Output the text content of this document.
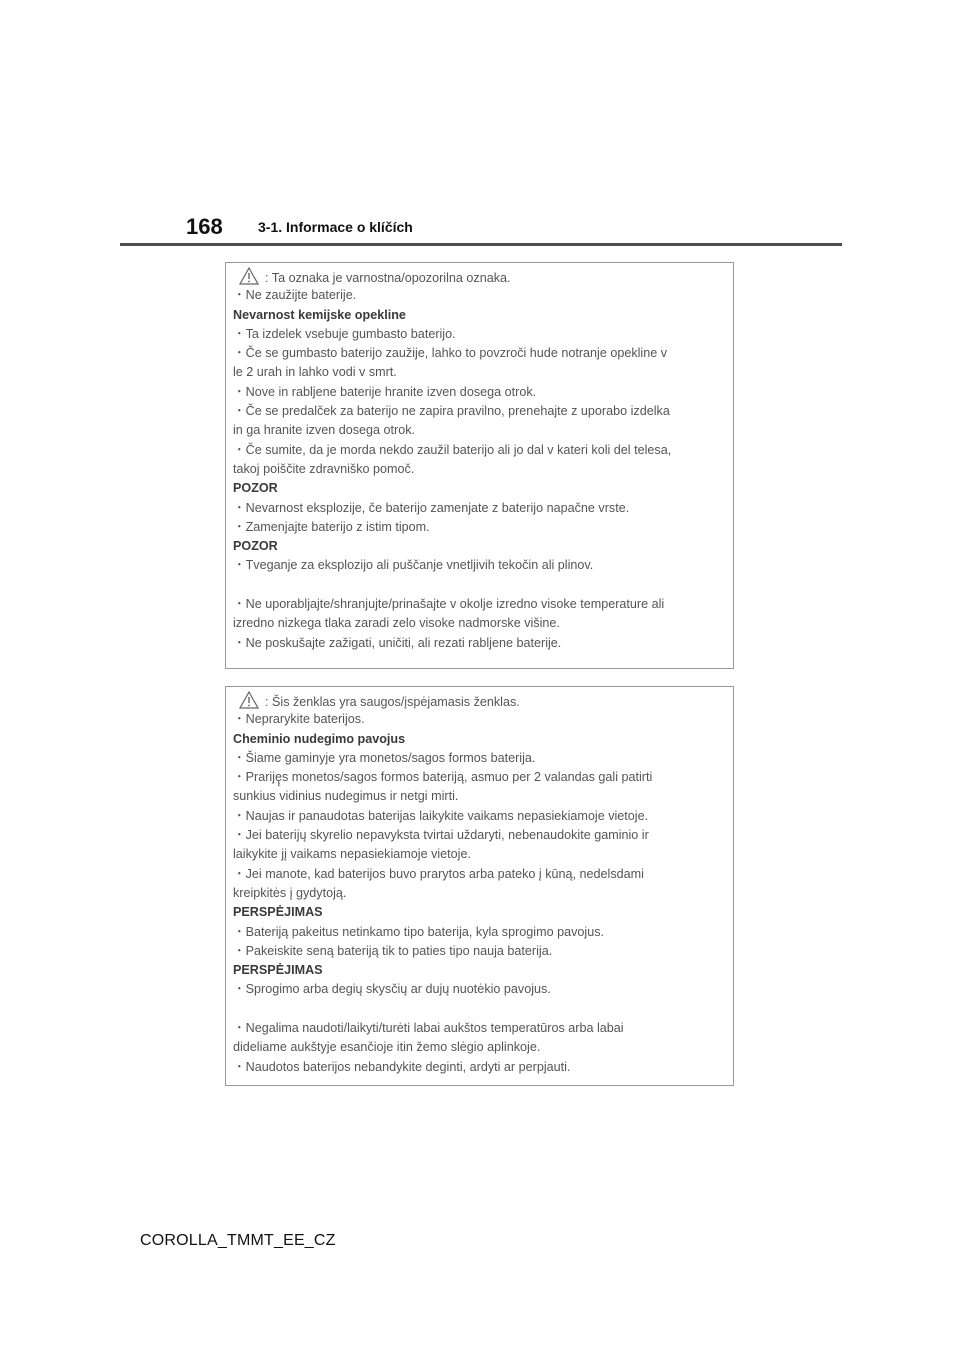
168	3-1. Informace o klíčích
: Ta oznaka je varnostna/opozorilna oznaka.
・Ne zaužijte baterije.
Nevarnost kemijske opekline
・Ta izdelek vsebuje gumbasto baterijo.
・Če se gumbasto baterijo zaužije, lahko to povzroči hude notranje opekline v
le 2 urah in lahko vodi v smrt.
・Nove in rabljene baterije hranite izven dosega otrok.
・Če se predalček za baterijo ne zapira pravilno, prenehajte z uporabo izdelka
in ga hranite izven dosega otrok.
・Če sumite, da je morda nekdo zaužil baterijo ali jo dal v kateri koli del telesa,
takoj poiščite zdravniško pomoč.
POZOR
・Nevarnost eksplozije, če baterijo zamenjate z baterijo napačne vrste.
・Zamenjajte baterijo z istim tipom.
POZOR
・Tveganje za eksplozijo ali puščanje vnetljivih tekočin ali plinov.
・Ne uporabljajte/shranjujte/prinašajte v okolje izredno visoke temperature ali
izredno nizkega tlaka zaradi zelo visoke nadmorske višine.
・Ne poskušajte zažigati, uničiti, ali rezati rabljene baterije.
: Šis ženklas yra saugos/įspėjamasis ženklas.
・Neprarykite baterijos.
Cheminio nudegimo pavojus
・Šiame gaminyje yra monetos/sagos formos baterija.
・Prariję̨s monetos/sagos formos bateriją, asmuo per 2 valandas gali patirti
sunkius vidinius nudegimus ir netgi mirti.
・Naujas ir panaudotas baterijas laikykite vaikams nepasiekiamoje vietoje.
・Jei baterijų skyrelio nepavyksta tvirtai uždaryti, nebenaudokite gaminio ir
laikykite jį vaikams nepasiekiamoje vietoje.
・Jei manote, kad baterijos buvo prarytos arba pateko į kūną, nedelsdami
kreipkitės į gydytoją.
PERSPĖJIMAS
・Bateriją pakeitus netinkamo tipo baterija, kyla sprogimo pavojus.
・Pakeiskite seną bateriją tik to paties tipo nauja baterija.
PERSPĖJIMAS
・Sprogimo arba degių skysčių ar dujų nuotėkio pavojus.
・Negalima naudoti/laikyti/turėti labai aukštos temperatūros arba labai
dideliame aukštyje esančioje itin žemo slėgio aplinkoje.
・Naudotos baterijos nebandykite deginti, ardyti ar perpjauti.
COROLLA_TMMT_EE_CZ
